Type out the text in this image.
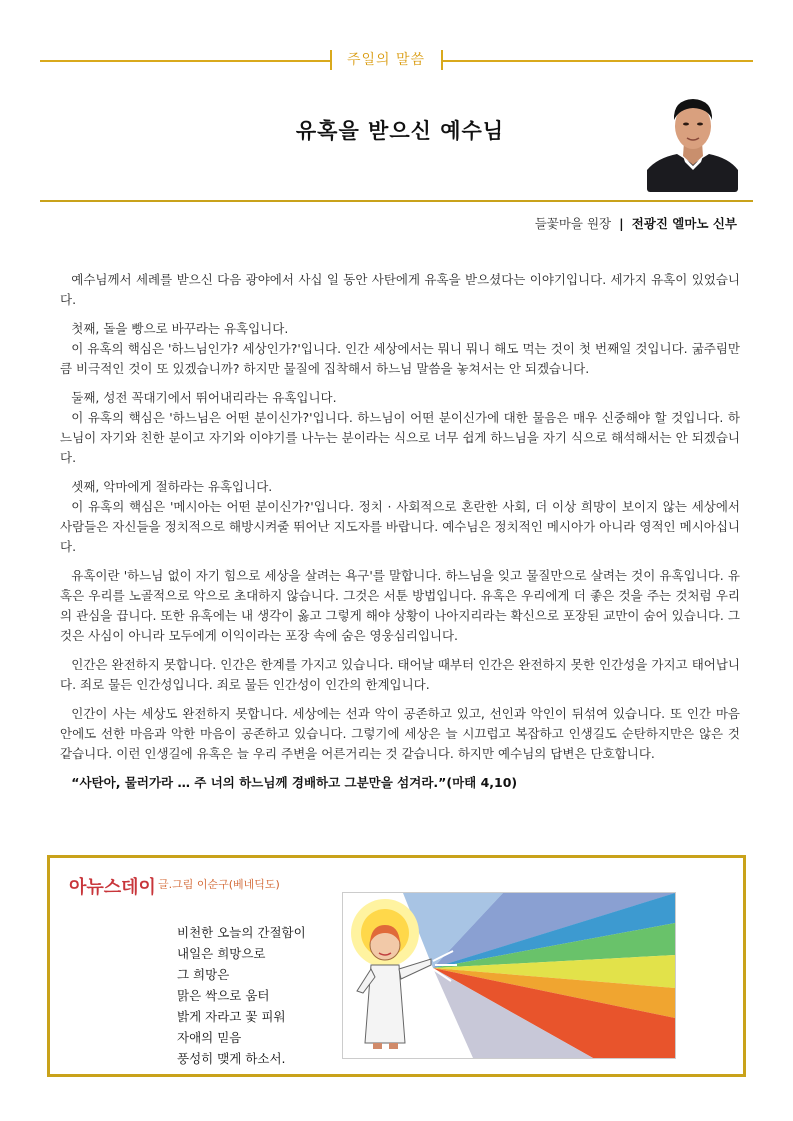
주일의 말씀
유혹을 받으신 예수님
들꽃마을 원장 | 전광진 엘마노 신부

예수님께서 세례를 받으신 다음 광야에서 사십 일 동안 사탄에게 유혹을 받으셨다는 이야기입니다. 세가지 유혹이 있었습니다.

첫째, 돌을 빵으로 바꾸라는 유혹입니다.

이 유혹의 핵심은 '하느님인가? 세상인가?'입니다. 인간 세상에서는 뭐니 뭐니 해도 먹는 것이 첫 번째일 것입니다. 굶주림만큼 비극적인 것이 또 있겠습니까? 하지만 물질에 집착해서 하느님 말씀을 놓쳐서는 안 되겠습니다.

둘째, 성전 꼭대기에서 뛰어내리라는 유혹입니다.

이 유혹의 핵심은 '하느님은 어떤 분이신가?'입니다. 하느님이 어떤 분이신가에 대한 물음은 매우 신중해야 할 것입니다. 하느님이 자기와 친한 분이고 자기와 이야기를 나누는 분이라는 식으로 너무 쉽게 하느님을 자기 식으로 해석해서는 안 되겠습니다.

셋째, 악마에게 절하라는 유혹입니다.

이 유혹의 핵심은 '메시아는 어떤 분이신가?'입니다. 정치 · 사회적으로 혼란한 사회, 더 이상 희망이 보이지 않는 세상에서 사람들은 자신들을 정치적으로 해방시켜줄 뛰어난 지도자를 바랍니다. 예수님은 정치적인 메시아가 아니라 영적인 메시아십니다.

유혹이란 '하느님 없이 자기 힘으로 세상을 살려는 욕구'를 말합니다. 하느님을 잊고 물질만으로 살려는 것이 유혹입니다. 유혹은 우리를 노골적으로 악으로 초대하지 않습니다. 그것은 서툰 방법입니다. 유혹은 우리에게 더 좋은 것을 주는 것처럼 우리의 관심을 끕니다. 또한 유혹에는 내 생각이 옳고 그렇게 해야 상황이 나아지리라는 확신으로 포장된 교만이 숨어 있습니다. 그것은 사심이 아니라 모두에게 이익이라는 포장 속에 숨은 영웅심리입니다.

인간은 완전하지 못합니다. 인간은 한계를 가지고 있습니다. 태어날 때부터 인간은 완전하지 못한 인간성을 가지고 태어납니다. 죄로 물든 인간성입니다. 죄로 물든 인간성이 인간의 한계입니다.

인간이 사는 세상도 완전하지 못합니다. 세상에는 선과 악이 공존하고 있고, 선인과 악인이 뒤섞여 있습니다. 또 인간 마음 안에도 선한 마음과 악한 마음이 공존하고 있습니다. 그렇기에 세상은 늘 시끄럽고 복잡하고 인생길도 순탄하지만은 않은 것 같습니다. 이런 인생길에 유혹은 늘 우리 주변을 어른거리는 것 같습니다. 하지만 예수님의 답변은 단호합니다.

“사탄아, 물러가라 … 주 너의 하느님께 경배하고 그분만을 섬겨라.”(마태 4,10)

아뉴스데이 글.그림 이순구(베네딕도)
비천한 오늘의 간절함이
내일은 희망으로
그 희망은
맑은 싹으로 움터
밝게 자라고 꽃 피워
자애의 믿음
풍성히 맺게 하소서.
